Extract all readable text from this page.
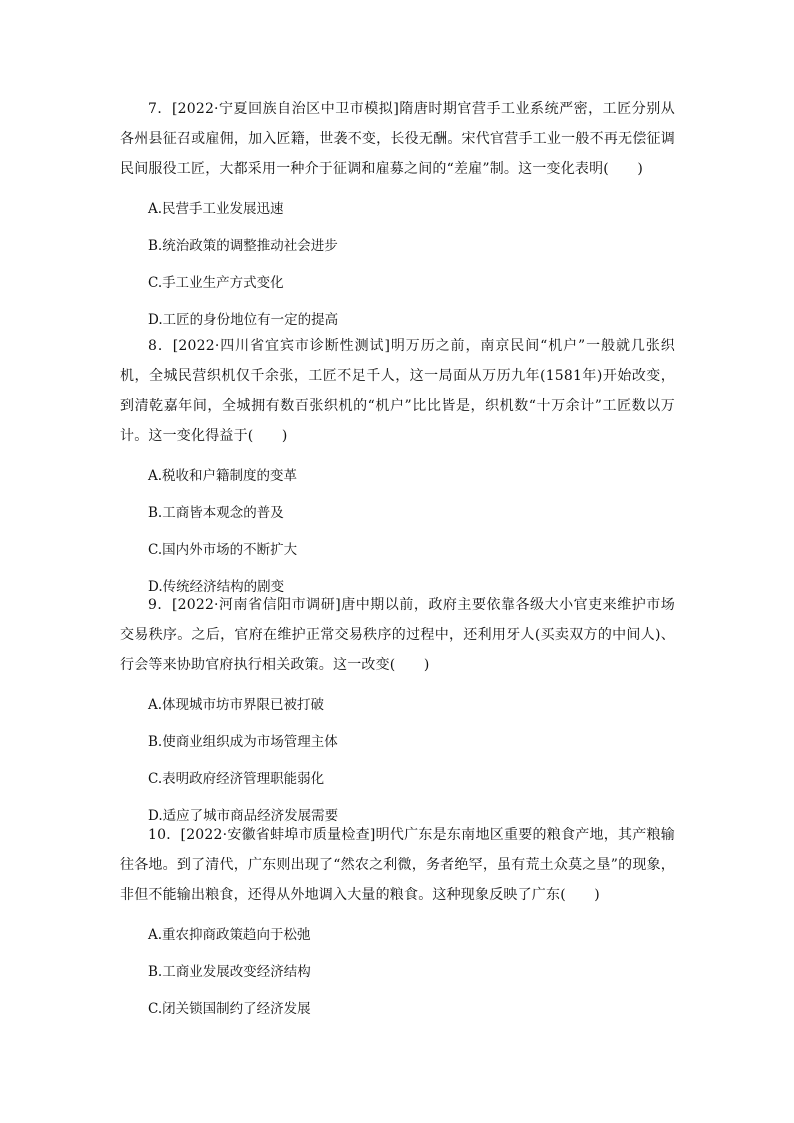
7．[2022·宁夏回族自治区中卫市模拟]隋唐时期官营手工业系统严密，工匠分别从各州县征召或雇佣，加入匠籍，世袭不变，长役无酬。宋代官营手工业一般不再无偿征调民间服役工匠，大都采用一种介于征调和雇募之间的“差雇”制。这一变化表明(　　)

A.民营手工业发展迅速

B.统治政策的调整推动社会进步

C.手工业生产方式变化

D.工匠的身份地位有一定的提高

8．[2022·四川省宜宾市诊断性测试]明万历之前，南京民间“机户”一般就几张织机，全城民营织机仅千余张，工匠不足千人，这一局面从万历九年(1581年)开始改变，到清乾嘉年间，全城拥有数百张织机的“机户”比比皆是，织机数“十万余计”工匠数以万计。这一变化得益于(　　)

A.税收和户籍制度的变革

B.工商皆本观念的普及

C.国内外市场的不断扩大

D.传统经济结构的剧变

9．[2022·河南省信阳市调研]唐中期以前，政府主要依靠各级大小官吏来维护市场交易秩序。之后，官府在维护正常交易秩序的过程中，还利用牙人(买卖双方的中间人)、行会等来协助官府执行相关政策。这一改变(　　)

A.体现城市坊市界限已被打破

B.使商业组织成为市场管理主体

C.表明政府经济管理职能弱化

D.适应了城市商品经济发展需要

10．[2022·安徽省蚌埠市质量检查]明代广东是东南地区重要的粮食产地，其产粮输往各地。到了清代，广东则出现了“然农之利微，务者绝罕，虽有荒土众莫之垦”的现象，非但不能输出粮食，还得从外地调入大量的粮食。这种现象反映了广东(　　)

A.重农抑商政策趋向于松弛

B.工商业发展改变经济结构

C.闭关锁国制约了经济发展
